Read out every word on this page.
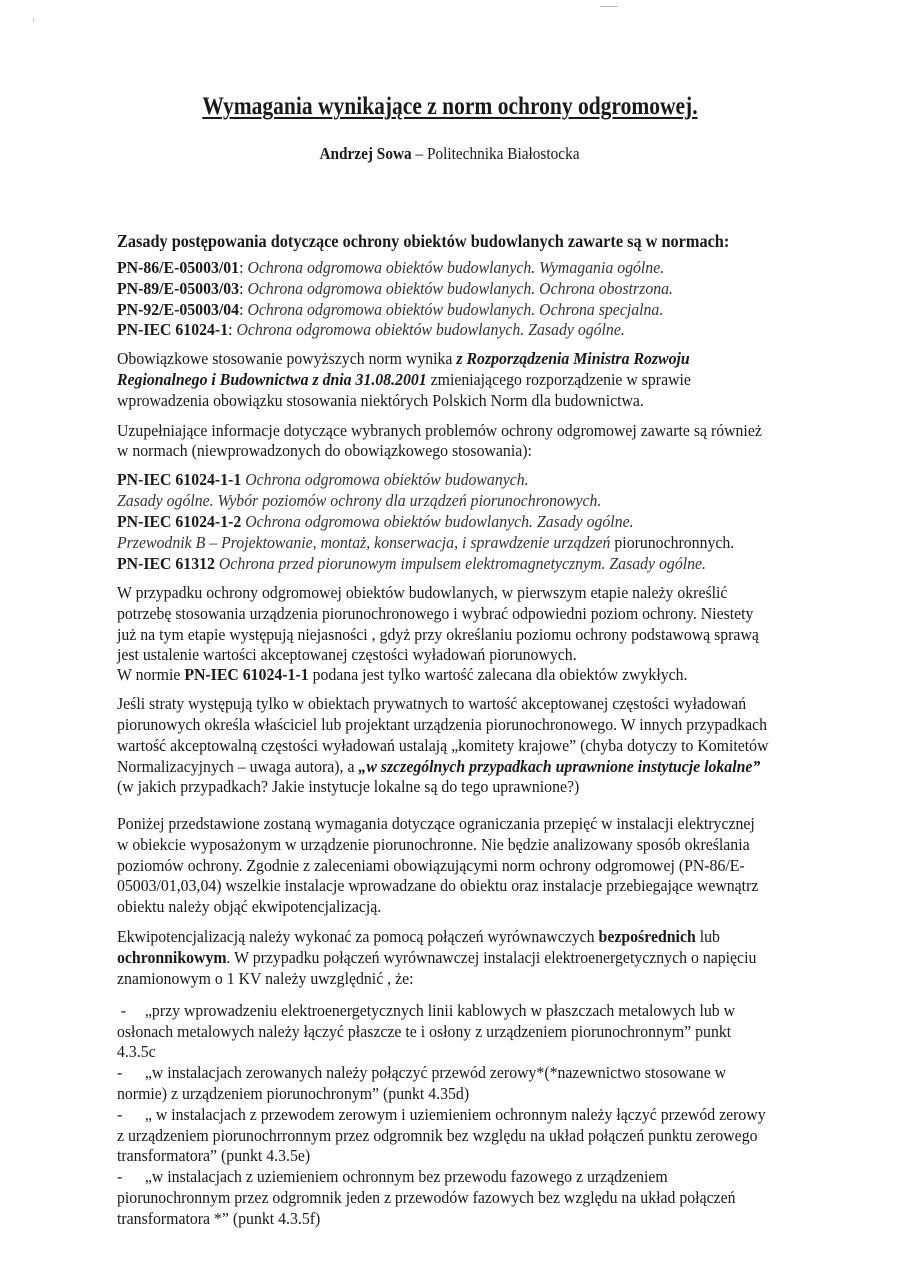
Wymagania wynikające z norm ochrony odgromowej.
Andrzej Sowa – Politechnika Białostocka
Zasady postępowania dotyczące ochrony obiektów budowlanych zawarte są w normach:
PN-86/E-05003/01: Ochrona odgromowa obiektów budowlanych. Wymagania ogólne.
PN-89/E-05003/03: Ochrona odgromowa obiektów budowlanych. Ochrona obostrzona.
PN-92/E-05003/04: Ochrona odgromowa obiektów budowlanych. Ochrona specjalna.
PN-IEC 61024-1: Ochrona odgromowa obiektów budowlanych. Zasady ogólne.
Obowiązkowe stosowanie powyższych norm wynika z Rozporządzenia Ministra Rozwoju
Regionalnego i Budownictwa z dnia 31.08.2001 zmieniającego rozporządzenie w sprawie
wprowadzenia obowiązku stosowania niektórych Polskich Norm dla budownictwa.
Uzupełniające informacje dotyczące wybranych problemów ochrony odgromowej zawarte są również
w normach (niewprowadzonych do obowiązkowego stosowania):
PN-IEC 61024-1-1 Ochrona odgromowa obiektów budowanych.
Zasady ogólne. Wybór poziomów ochrony dla urządzeń piorunochronowych.
PN-IEC 61024-1-2 Ochrona odgromowa obiektów budowlanych. Zasady ogólne.
Przewodnik B – Projektowanie, montaż, konserwacja, i sprawdzenie urządzeń piorunochronnych.
PN-IEC 61312 Ochrona przed piorunowym impulsem elektromagnetycznym. Zasady ogólne.
W przypadku ochrony odgromowej obiektów budowlanych, w pierwszym etapie należy określić
potrzebę stosowania urządzenia piorunochronowego i wybrać odpowiedni poziom ochrony. Niestety
już na tym etapie występują niejasności , gdyż przy określaniu poziomu ochrony podstawową sprawą
jest ustalenie wartości akceptowanej częstości wyładowań piorunowych.
W normie PN-IEC 61024-1-1 podana jest tylko wartość zalecana dla obiektów zwykłych.
Jeśli straty występują tylko w obiektach prywatnych to wartość akceptowanej częstości wyładowań
piorunowych określa właściciel lub projektant urządzenia piorunochronowego. W innych przypadkach
wartość akceptowalną częstości wyładowań ustalają „komitety krajowe” (chyba dotyczy to Komitetów
Normalizacyjnych – uwaga autora), a „w szczególnych przypadkach uprawnione instytucje lokalne”
(w jakich przypadkach? Jakie instytucje lokalne są do tego uprawnione?)
Poniżej przedstawione zostaną wymagania dotyczące ograniczania przepięć w instalacji elektrycznej
w obiekcie wyposażonym w urządzenie piorunochronne. Nie będzie analizowany sposób określania
poziomów ochrony. Zgodnie z zaleceniami obowiązującymi norm ochrony odgromowej (PN-86/E-
05003/01,03,04) wszelkie instalacje wprowadzane do obiektu oraz instalacje przebiegające wewnątrz
obiektu należy objąć ekwipotencjalizacją.
Ekwipotencjalizacją należy wykonać za pomocą połączeń wyrównawczych bezpośrednich lub
ochronnikowym. W przypadku połączeń wyrównawczej instalacji elektroenergetycznych o napięciu
znamionowym o 1 KV należy uwzględnić , że:
- „przy wprowadzeniu elektroenergetycznych linii kablowych w płaszczach metalowych lub w
osłonach metalowych należy łączyć płaszcze te i osłony z urządzeniem piorunochronnym” punkt
4.3.5c
- „w instalacjach zerowanych należy połączyć przewód zerowy*(*nazewnictwo stosowane w
normie) z urządzeniem piorunochronym” (punkt 4.35d)
- „ w instalacjach z przewodem zerowym i uziemieniem ochronnym należy łączyć przewód zerowy
z urządzeniem piorunochrronnym przez odgromnik bez względu na układ połączeń punktu zerowego
transformatora” (punkt 4.3.5e)
- „w instalacjach z uziemieniem ochronnym bez przewodu fazowego z urządzeniem
piorunochronnym przez odgromnik jeden z przewodów fazowych bez względu na układ połączeń
transformatora *” (punkt 4.3.5f)
